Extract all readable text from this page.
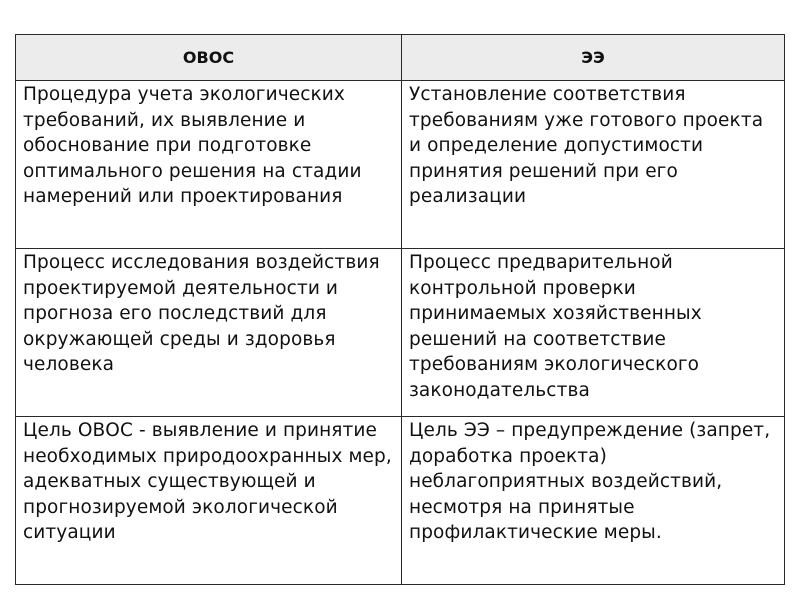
ОВОС	ЭЭ

Процедура учета экологических требований, их выявление и обоснование при подготовке оптимального решения на стадии намерений или проектирования	Установление соответствия требованиям уже готового проекта и определение допустимости принятия решений при его реализации

Процесс исследования воздействия проектируемой деятельности и прогноза его последствий для окружающей среды и здоровья человека	Процесс предварительной контрольной проверки принимаемых хозяйственных решений на соответствие требованиям экологического законодательства

Цель ОВОС - выявление и принятие необходимых природоохранных мер, адекватных существующей и прогнозируемой экологической ситуации	Цель ЭЭ – предупреждение (запрет, доработка проекта) неблагоприятных воздействий, несмотря на принятые профилактические меры.
